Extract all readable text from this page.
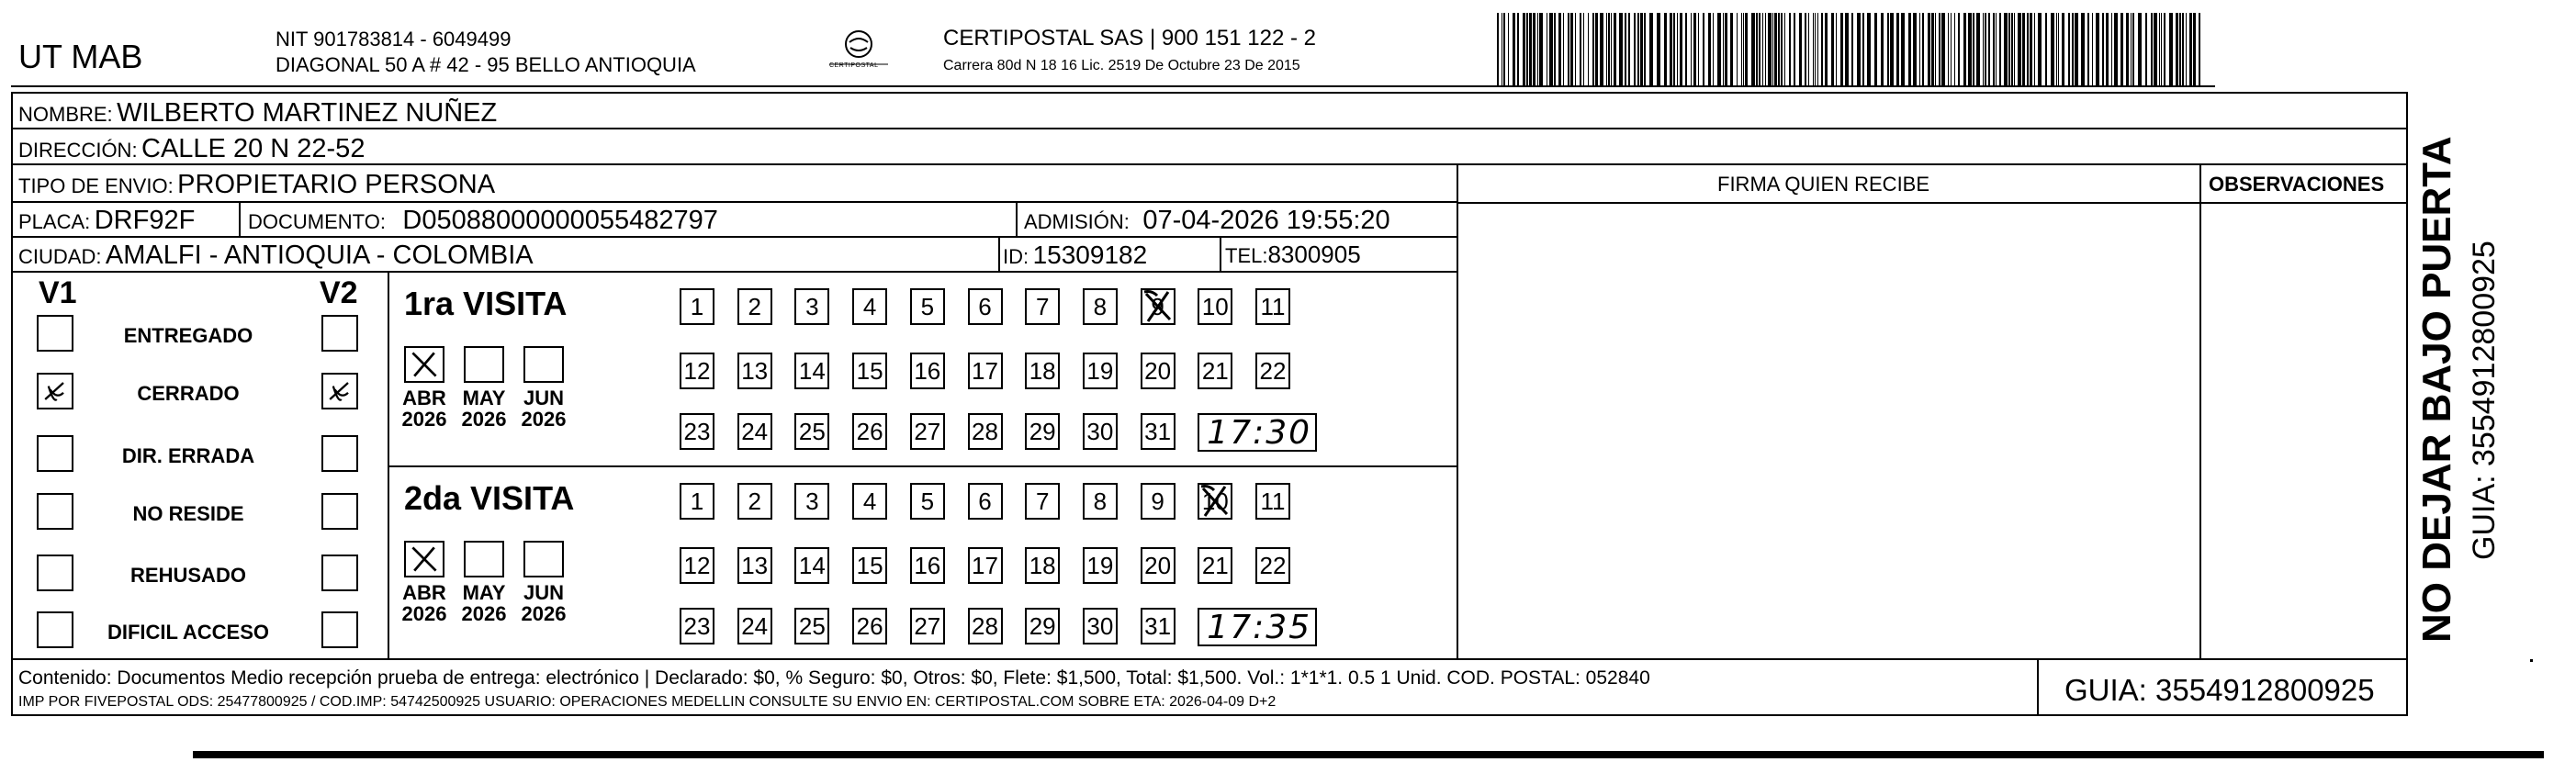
UT MAB	NIT 901783814 - 6049499
DIAGONAL 50 A # 42 - 95 BELLO ANTIOQUIA	CERTIPOSTAL
CERTIPOSTAL SAS | 900 151 122 - 2
Carrera 80d N 18 16 Lic. 2519 De Octubre 23 De 2015
NOMBRE: WILBERTO MARTINEZ NUÑEZ
DIRECCIÓN: CALLE 20 N 22-52
TIPO DE ENVIO: PROPIETARIO PERSONA
PLACA: DRF92F	DOCUMENTO: D05088000000055482797	ADMISIÓN: 07-04-2026 19:55:20
CIUDAD: AMALFI - ANTIOQUIA - COLOMBIA	ID: 15309182	TEL:8300905
FIRMA QUIEN RECIBE	OBSERVACIONES
V1	V2
ENTREGADO
CERRADO
DIR. ERRADA
NO RESIDE
REHUSADO
DIFICIL ACCESO
1ra VISITA
ABR
2026
MAY
2026
JUN
2026
1	2	3	4	5	6	7	8	9	10 11
12 13 14 15 16 17 18 19 20 21 22
23 24 25 26 27 28 29 30 31 17:30
2da VISITA
ABR
2026
MAY
2026
JUN
2026
1	2	3	4	5	6	7	8	9	10 11
12 13 14 15 16 17 18 19 20 21 22
23 24 25 26 27 28 29 30 31 17:35
Contenido: Documentos Medio recepción prueba de entrega: electrónico | Declarado: $0, % Seguro: $0, Otros: $0, Flete: $1,500, Total: $1,500. Vol.: 1*1*1. 0.5 1 Unid. COD. POSTAL: 052840
IMP POR FIVEPOSTAL ODS: 25477800925 / COD.IMP: 54742500925 USUARIO: OPERACIONES MEDELLIN CONSULTE SU ENVIO EN: CERTIPOSTAL.COM SOBRE ETA: 2026-04-09 D+2	GUIA: 3554912800925
NO DEJAR BAJO PUERTA GUIA: 3554912800925
